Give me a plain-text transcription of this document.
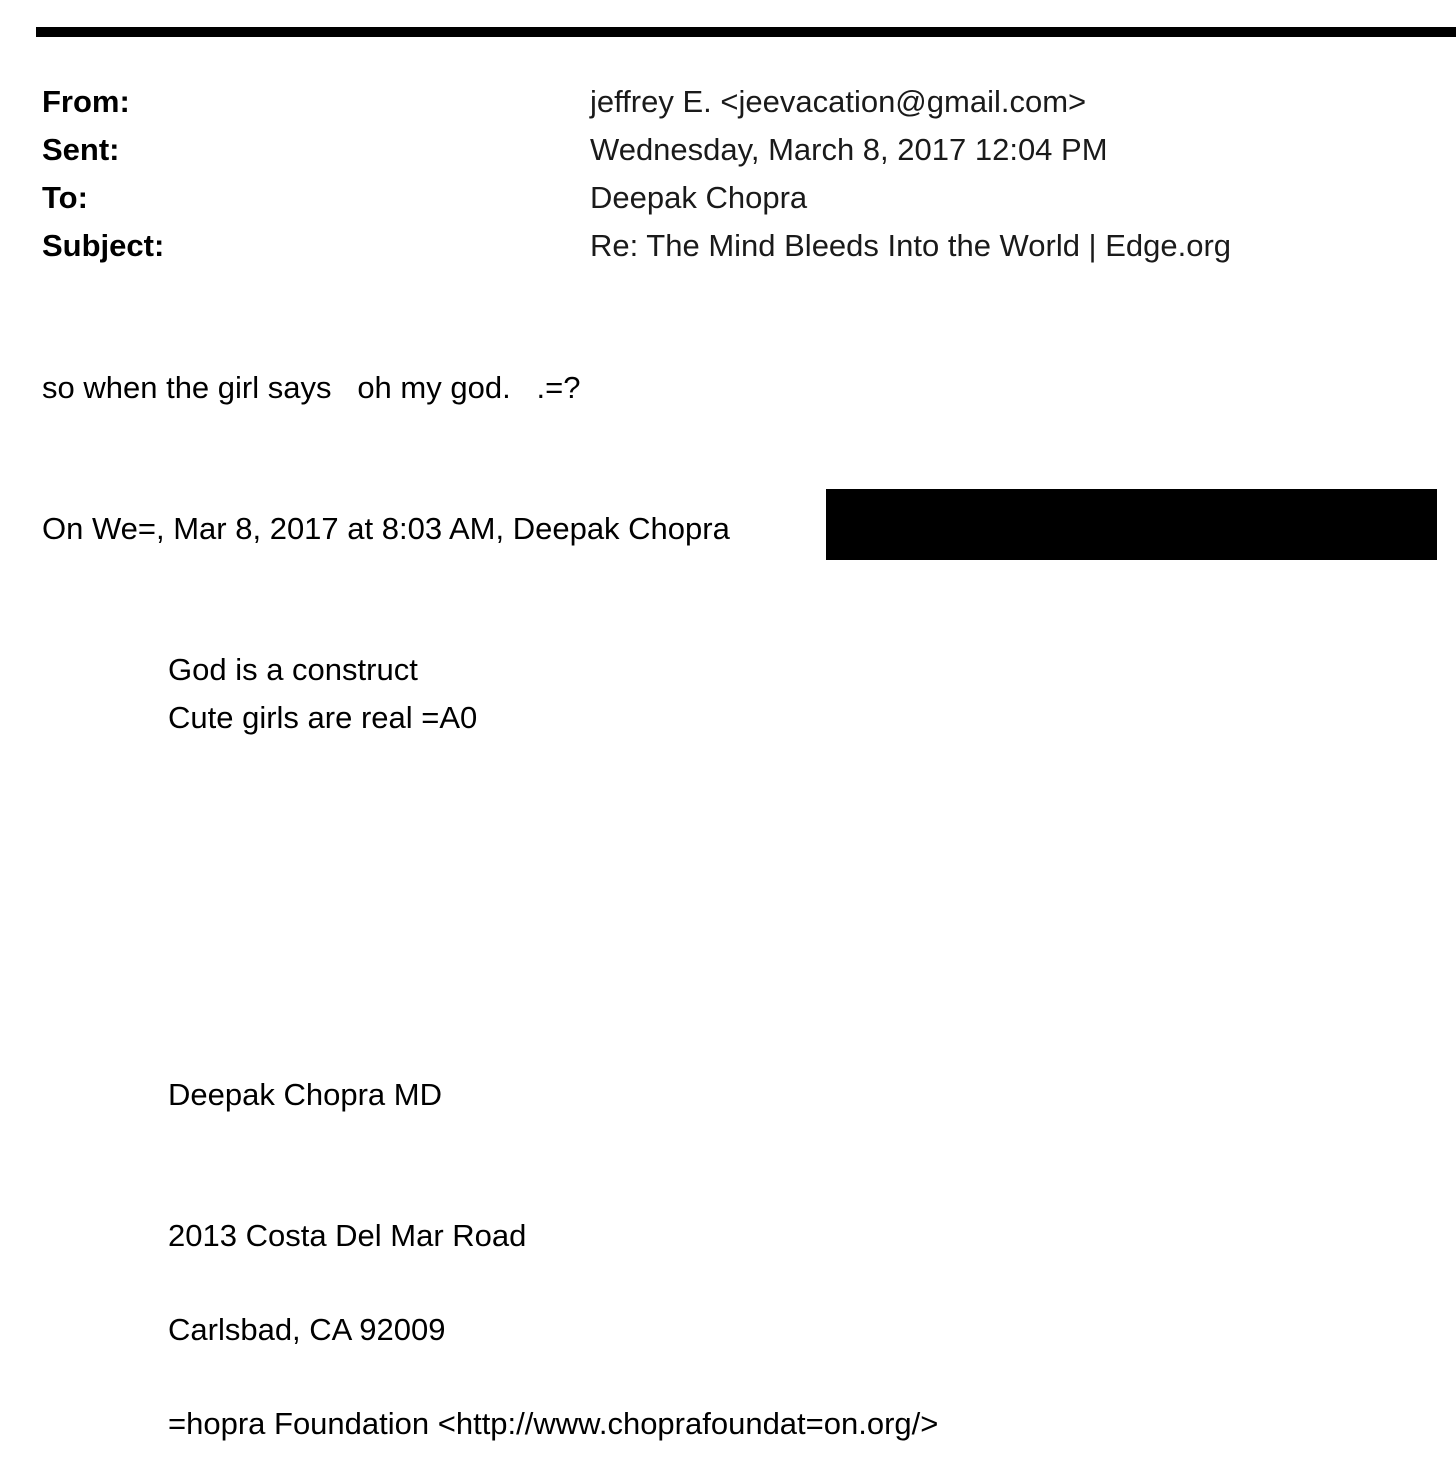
From:	jeffrey E. <jeevacation@gmail.com>
Sent:	Wednesday, March 8, 2017 12:04 PM
To:	Deepak Chopra
Subject:	Re: The Mind Bleeds Into the World | Edge.org
so when the girl says   oh my god.   .=?
On We=, Mar 8, 2017 at 8:03 AM, Deepak Chopra
God is a construct
Cute girls are real =A0
Deepak Chopra MD
2013 Costa Del Mar Road
Carlsbad, CA 92009
=hopra Foundation <http://www.choprafoundat=on.org/>
